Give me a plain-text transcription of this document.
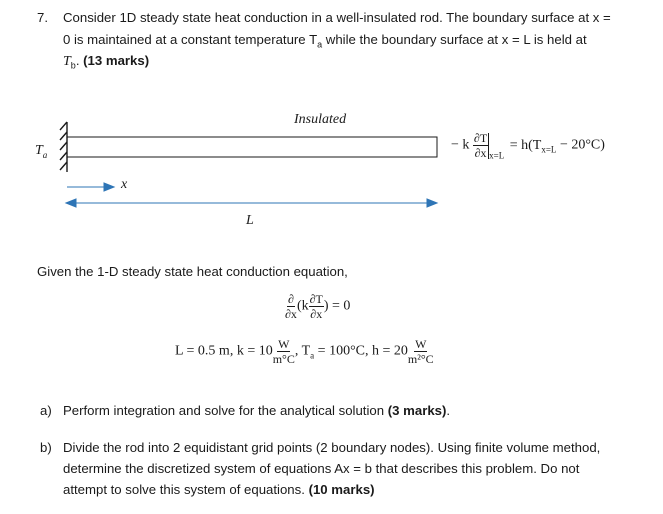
7. Consider 1D steady state heat conduction in a well-insulated rod. The boundary surface at x =
0 is maintained at a constant temperature $T_a$ while the boundary surface at x = L is held at
$T_b$. (13 marks)
Insulated
$T_a$
x
L
− k $\frac{\partial T}{\partial x} _{x=L} = h(T_{x=L} - 20^\circ C)$
Given the 1-D steady state heat conduction equation,
$\frac{\partial}{\partial x} (k \frac{\partial T}{\partial x}$ ) = 0
L = 0.5 m, $k = 10 \frac{W}{m^\circ C}$ , $T_a = 100^\circ C$, $h = 20 \frac{W}{\text{m²°C}}$
a) Perform integration and solve for the analytical solution (3 marks).
b) Divide the rod into 2 equidistant grid points (2 boundary nodes). Using finite volume method,
determine the discretized system of equations Ax = b that describes this problem. Do not
attempt to solve this system of equations. (10 marks)
